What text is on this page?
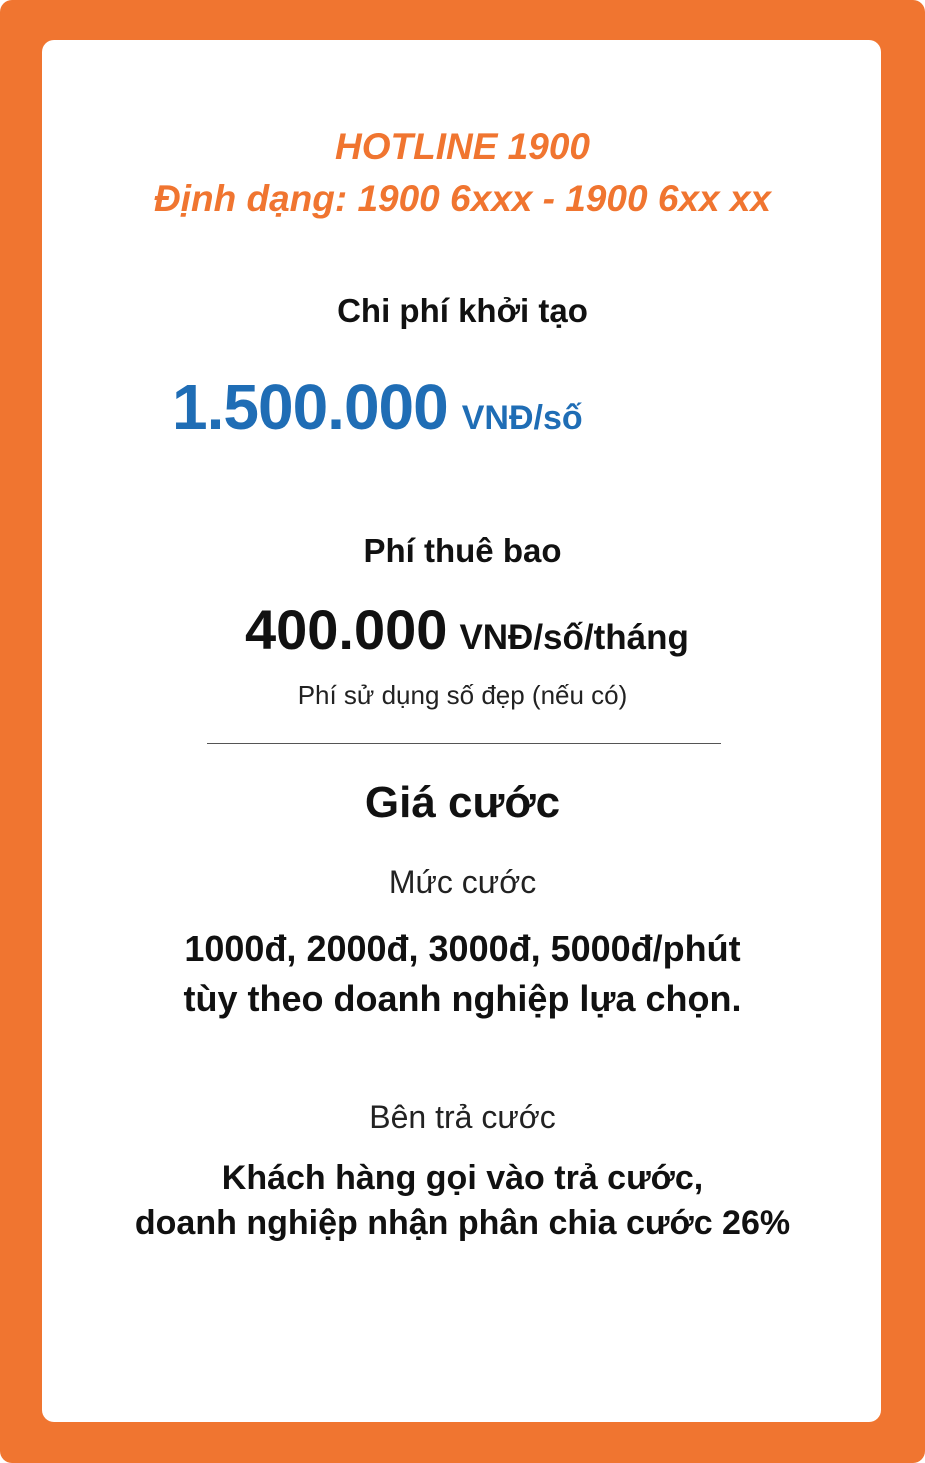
HOTLINE 1900
Định dạng: 1900 6xxx - 1900 6xx xx
Chi phí khởi tạo
1.500.000 VNĐ/số
Phí thuê bao
400.000 VNĐ/số/tháng
Phí sử dụng số đẹp (nếu có)
Giá cước
Mức cước
1000đ, 2000đ, 3000đ, 5000đ/phút
tùy theo doanh nghiệp lựa chọn.
Bên trả cước
Khách hàng gọi vào trả cước,
doanh nghiệp nhận phân chia cước 26%
